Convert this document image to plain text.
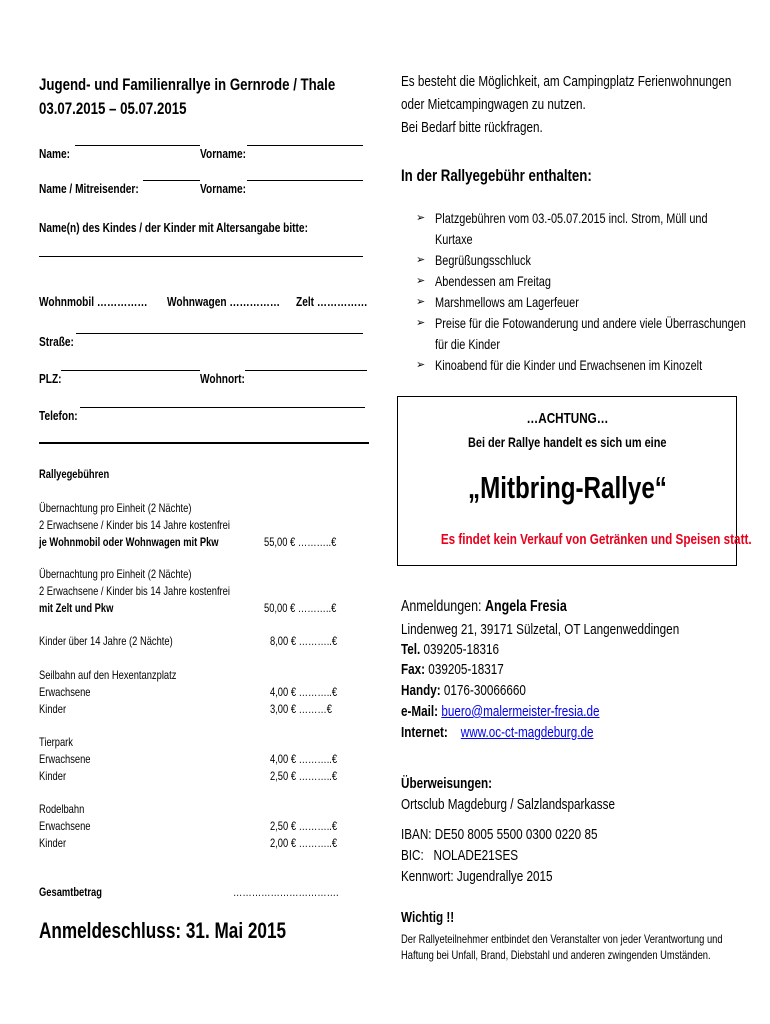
Jugend- und Familienrallye in Gernrode / Thale
03.07.2015 – 05.07.2015
Name:	Vorname:
Name / Mitreisender:	Vorname:
Name(n) des Kindes / der Kinder mit Altersangabe bitte:
Wohnmobil ……………	Wohnwagen ……………	Zelt ……………
Straße:
PLZ:	Wohnort:
Telefon:
Rallyegebühren
Übernachtung pro Einheit (2 Nächte)
2 Erwachsene / Kinder bis 14 Jahre kostenfrei
je Wohnmobil oder Wohnwagen mit Pkw	55,00 € ………..€
Übernachtung pro Einheit (2 Nächte)
2 Erwachsene / Kinder bis 14 Jahre kostenfrei
mit Zelt und Pkw	50,00 € ………..€
Kinder über 14 Jahre (2 Nächte)	8,00 € ………..€
Seilbahn auf den Hexentanzplatz
Erwachsene	4,00 € ………..€
Kinder	3,00 € ………€
Tierpark
Erwachsene	4,00 € ………..€
Kinder	2,50 € ………..€
Rodelbahn
Erwachsene	2,50 € ………..€
Kinder	2,00 € ………..€
Gesamtbetrag	…………………………….
Anmeldeschluss: 31. Mai 2015
Es besteht die Möglichkeit, am Campingplatz Ferienwohnungen
oder Mietcampingwagen zu nutzen.
Bei Bedarf bitte rückfragen.
In der Rallyegebühr enthalten:
➢ Platzgebühren vom 03.-05.07.2015 incl. Strom, Müll und
Kurtaxe
➢ Begrüßungsschluck
➢ Abendessen am Freitag
➢ Marshmellows am Lagerfeuer
➢ Preise für die Fotowanderung und andere viele Überraschungen
für die Kinder
➢ Kinoabend für die Kinder und Erwachsenen im Kinozelt
…ACHTUNG…
Bei der Rallye handelt es sich um eine
„Mitbring-Rallye“
Es findet kein Verkauf von Getränken und Speisen statt.
Anmeldungen: Angela Fresia
Lindenweg 21, 39171 Sülzetal, OT Langenweddingen
Tel. 039205-18316
Fax: 039205-18317
Handy: 0176-30066660
e-Mail: buero@malermeister-fresia.de
Internet: www.oc-ct-magdeburg.de
Überweisungen:
Ortsclub Magdeburg / Salzlandsparkasse
IBAN: DE50 8005 5500 0300 0220 85
BIC:   NOLADE21SES
Kennwort: Jugendrallye 2015
Wichtig !!
Der Rallyeteilnehmer entbindet den Veranstalter von jeder Verantwortung und
Haftung bei Unfall, Brand, Diebstahl und anderen zwingenden Umständen.
